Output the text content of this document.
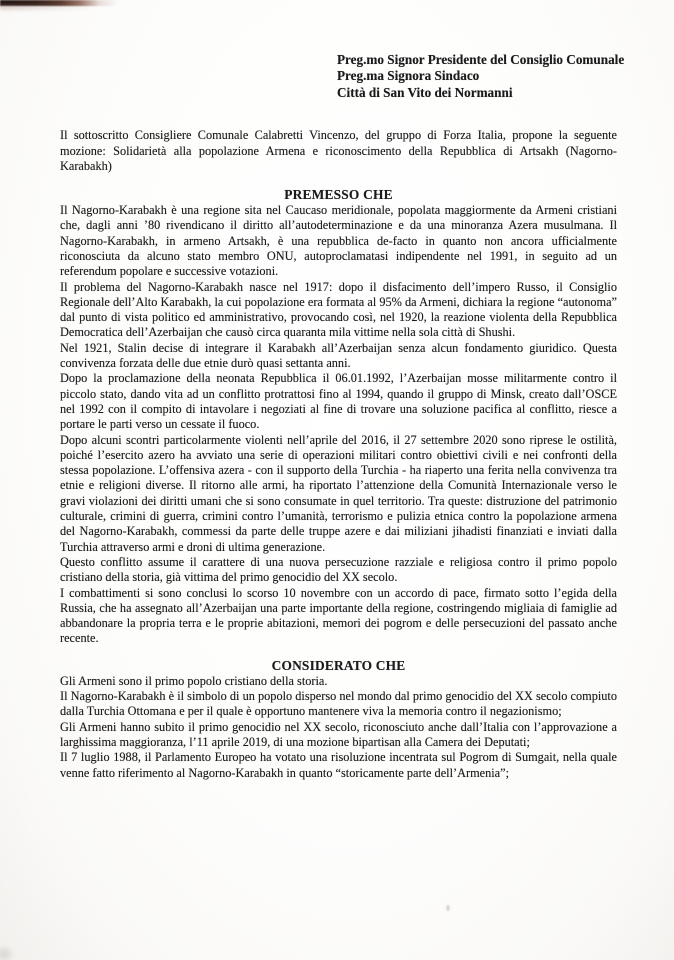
Preg.mo Signor Presidente del Consiglio Comunale
Preg.ma Signora Sindaco
Città di San Vito dei Normanni

Il sottoscritto Consigliere Comunale Calabretti Vincenzo, del gruppo di Forza Italia, propone la seguente mozione: Solidarietà alla popolazione Armena e riconoscimento della Repubblica di Artsakh (Nagorno-Karabakh)

PREMESSO CHE

Il Nagorno-Karabakh è una regione sita nel Caucaso meridionale, popolata maggiormente da Armeni cristiani che, dagli anni ’80 rivendicano il diritto all’autodeterminazione e da una minoranza Azera musulmana. Il Nagorno-Karabakh, in armeno Artsakh, è una repubblica de-facto in quanto non ancora ufficialmente riconosciuta da alcuno stato membro ONU, autoproclamatasi indipendente nel 1991, in seguito ad un referendum popolare e successive votazioni.

Il problema del Nagorno-Karabakh nasce nel 1917: dopo il disfacimento dell’impero Russo, il Consiglio Regionale dell’Alto Karabakh, la cui popolazione era formata al 95% da Armeni, dichiara la regione “autonoma” dal punto di vista politico ed amministrativo, provocando così, nel 1920, la reazione violenta della Repubblica Democratica dell’Azerbaijan che causò circa quaranta mila vittime nella sola città di Shushi.

Nel 1921, Stalin decise di integrare il Karabakh all’Azerbaijan senza alcun fondamento giuridico. Questa convivenza forzata delle due etnie durò quasi settanta anni.

Dopo la proclamazione della neonata Repubblica il 06.01.1992, l’Azerbaijan mosse militarmente contro il piccolo stato, dando vita ad un conflitto protrattosi fino al 1994, quando il gruppo di Minsk, creato dall’OSCE nel 1992 con il compito di intavolare i negoziati al fine di trovare una soluzione pacifica al conflitto, riesce a portare le parti verso un cessate il fuoco.

Dopo alcuni scontri particolarmente violenti nell’aprile del 2016, il 27 settembre 2020 sono riprese le ostilità, poiché l’esercito azero ha avviato una serie di operazioni militari contro obiettivi civili e nei confronti della stessa popolazione. L’offensiva azera - con il supporto della Turchia - ha riaperto una ferita nella convivenza tra etnie e religioni diverse. Il ritorno alle armi, ha riportato l’attenzione della Comunità Internazionale verso le gravi violazioni dei diritti umani che si sono consumate in quel territorio. Tra queste: distruzione del patrimonio culturale, crimini di guerra, crimini contro l’umanità, terrorismo e pulizia etnica contro la popolazione armena del Nagorno-Karabakh, commessi da parte delle truppe azere e dai miliziani jihadisti finanziati e inviati dalla Turchia attraverso armi e droni di ultima generazione.

Questo conflitto assume il carattere di una nuova persecuzione razziale e religiosa contro il primo popolo cristiano della storia, già vittima del primo genocidio del XX secolo.

I combattimenti si sono conclusi lo scorso 10 novembre con un accordo di pace, firmato sotto l’egida della Russia, che ha assegnato all’Azerbaijan una parte importante della regione, costringendo migliaia di famiglie ad abbandonare la propria terra e le proprie abitazioni, memori dei pogrom e delle persecuzioni del passato anche recente.

CONSIDERATO CHE

Gli Armeni sono il primo popolo cristiano della storia.

Il Nagorno-Karabakh è il simbolo di un popolo disperso nel mondo dal primo genocidio del XX secolo compiuto dalla Turchia Ottomana e per il quale è opportuno mantenere viva la memoria contro il negazionismo;

Gli Armeni hanno subito il primo genocidio nel XX secolo, riconosciuto anche dall’Italia con l’approvazione a larghissima maggioranza, l’11 aprile 2019, di una mozione bipartisan alla Camera dei Deputati;

Il 7 luglio 1988, il Parlamento Europeo ha votato una risoluzione incentrata sul Pogrom di Sumgait, nella quale venne fatto riferimento al Nagorno-Karabakh in quanto “storicamente parte dell’Armenia”;
